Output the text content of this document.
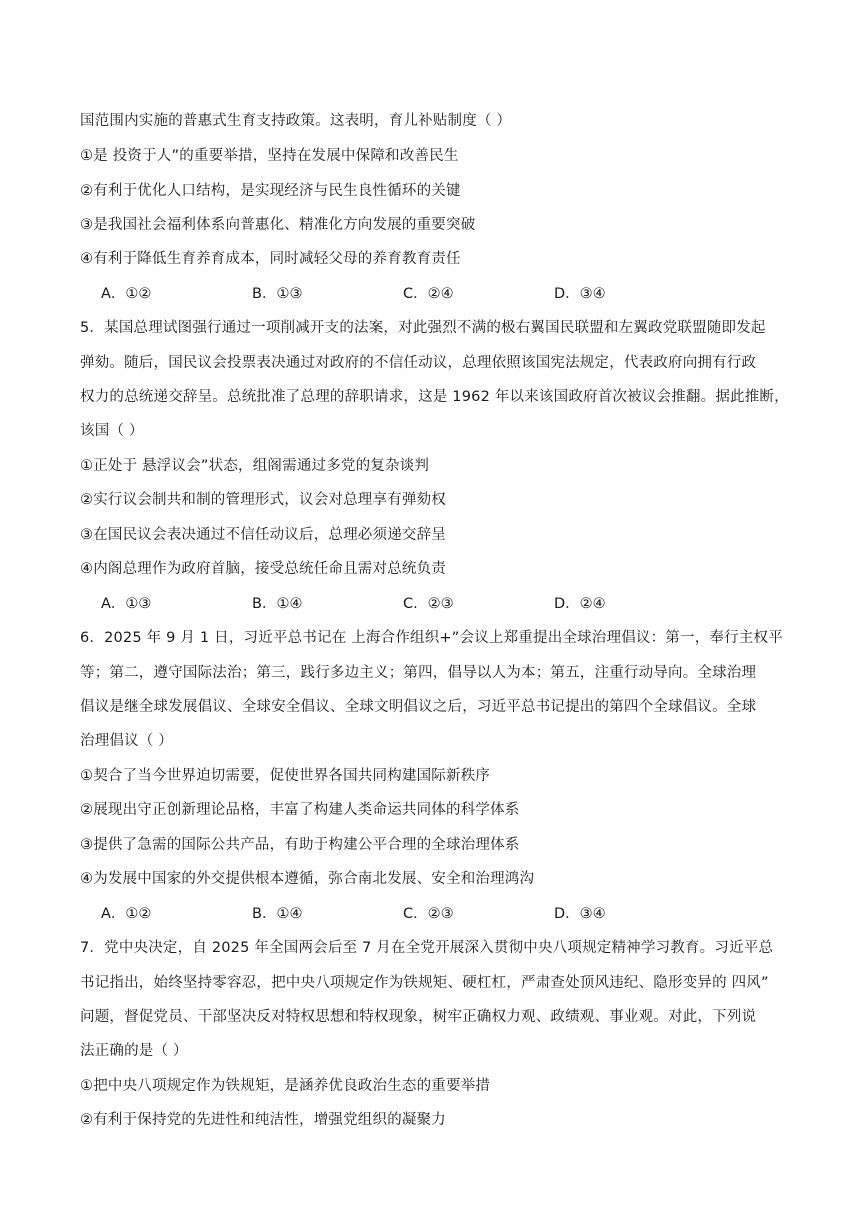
国范围内实施的普惠式生育支持政策。这表明，育儿补贴制度（ ）
①是 投资于人”的重要举措，坚持在发展中保障和改善民生
②有利于优化人口结构，是实现经济与民生良性循环的关键
③是我国社会福利体系向普惠化、精准化方向发展的重要突破
④有利于降低生育养育成本，同时减轻父母的养育教育责任
A．①②	B．①③	C．②④	D．③④
5．某国总理试图强行通过一项削减开支的法案，对此强烈不满的极右翼国民联盟和左翼政党联盟随即发起
弹劾。随后，国民议会投票表决通过对政府的不信任动议，总理依照该国宪法规定，代表政府向拥有行政
权力的总统递交辞呈。总统批准了总理的辞职请求，这是 1962 年以来该国政府首次被议会推翻。据此推断，
该国（ ）
①正处于 悬浮议会”状态，组阁需通过多党的复杂谈判
②实行议会制共和制的管理形式，议会对总理享有弹劾权
③在国民议会表决通过不信任动议后，总理必须递交辞呈
④内阁总理作为政府首脑，接受总统任命且需对总统负责
A．①③	B．①④	C．②③	D．②④
6．2025 年 9 月 1 日，习近平总书记在 上海合作组织+”会议上郑重提出全球治理倡议：第一，奉行主权平
等；第二，遵守国际法治；第三，践行多边主义；第四，倡导以人为本；第五，注重行动导向。全球治理
倡议是继全球发展倡议、全球安全倡议、全球文明倡议之后，习近平总书记提出的第四个全球倡议。全球
治理倡议（ ）
①契合了当今世界迫切需要，促使世界各国共同构建国际新秩序
②展现出守正创新理论品格，丰富了构建人类命运共同体的科学体系
③提供了急需的国际公共产品，有助于构建公平合理的全球治理体系
④为发展中国家的外交提供根本遵循，弥合南北发展、安全和治理鸿沟
A．①②	B．①④	C．②③	D．③④
7．党中央决定，自 2025 年全国两会后至 7 月在全党开展深入贯彻中央八项规定精神学习教育。习近平总
书记指出，始终坚持零容忍，把中央八项规定作为铁规矩、硬杠杠，严肃查处顶风违纪、隐形变异的 四风”
问题，督促党员、干部坚决反对特权思想和特权现象，树牢正确权力观、政绩观、事业观。对此，下列说
法正确的是（ ）
①把中央八项规定作为铁规矩，是涵养优良政治生态的重要举措
②有利于保持党的先进性和纯洁性，增强党组织的凝聚力
